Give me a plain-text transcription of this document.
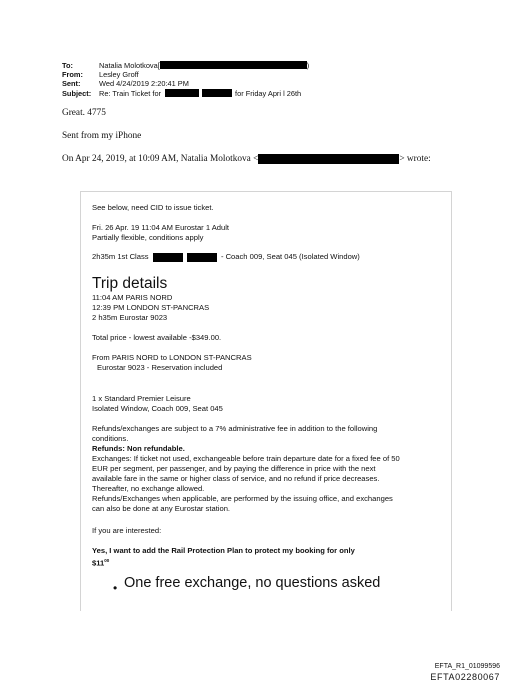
To:	Natalia Molotkova[	)
From:	Lesley Groff
Sent:	Wed 4/24/2019 2:20:41 PM
Subject:	Re: Train Ticket for	for Friday Apri l 26th
Great. 4775
Sent from my iPhone
On Apr 24, 2019, at 10:09 AM, Natalia Molotkova <	> wrote:
See below, need CID to issue ticket.
Fri. 26 Apr. 19 11:04 AM Eurostar 1 Adult
Partially flexible, conditions apply
2h35m 1st Class	- Coach 009, Seat 045 (Isolated Window)
Trip details
11:04 AM PARIS NORD
12:39 PM LONDON ST-PANCRAS
2 h35m Eurostar 9023
Total price - lowest available -$349.00.
From PARIS NORD to LONDON ST-PANCRAS
Eurostar 9023 - Reservation included
1 x Standard Premier Leisure
Isolated Window, Coach 009, Seat 045
Refunds/exchanges are subject to a 7% administrative fee in addition to the following
conditions.
Refunds: Non refundable.
Exchanges: If ticket not used, exchangeable before train departure date for a fixed fee of 50
EUR per segment, per passenger, and by paying the difference in price with the next
available fare in the same or higher class of service, and no refund if price decreases.
Thereafter, no exchange allowed.
Refunds/Exchanges when applicable, are performed by the issuing office, and exchanges
can also be done at any Eurostar station.
If you are interested:
Yes, I want to add the Rail Protection Plan to protect my booking for only
$\$11^{00}$
• One free exchange, no questions asked
EFTA_R1_01099596
EFTA02280067
